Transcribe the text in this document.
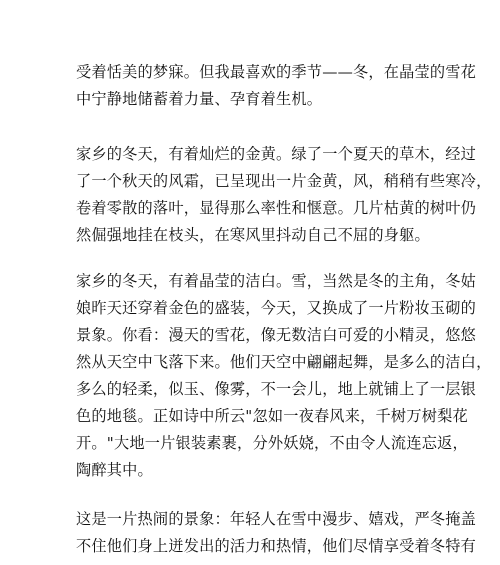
受着恬美的梦寐。但我最喜欢的季节——冬，在晶莹的雪花
中宁静地储蓄着力量、孕育着生机。
家乡的冬天，有着灿烂的金黄。绿了一个夏天的草木，经过
了一个秋天的风霜，已呈现出一片金黄，风，稍稍有些寒冷，
卷着零散的落叶，显得那么率性和惬意。几片枯黄的树叶仍
然倔强地挂在枝头，在寒风里抖动自己不屈的身躯。
家乡的冬天，有着晶莹的洁白。雪，当然是冬的主角，冬姑
娘昨天还穿着金色的盛装，今天，又换成了一片粉妆玉砌的
景象。你看：漫天的雪花，像无数洁白可爱的小精灵，悠悠
然从天空中飞落下来。他们天空中翩翩起舞，是多么的洁白，
多么的轻柔，似玉、像雾，不一会儿，地上就铺上了一层银
色的地毯。正如诗中所云"忽如一夜春风来，千树万树梨花
开。"大地一片银装素裹，分外妖娆，不由令人流连忘返，
陶醉其中。
这是一片热闹的景象：年轻人在雪中漫步、嬉戏，严冬掩盖
不住他们身上迸发出的活力和热情，他们尽情享受着冬特有
